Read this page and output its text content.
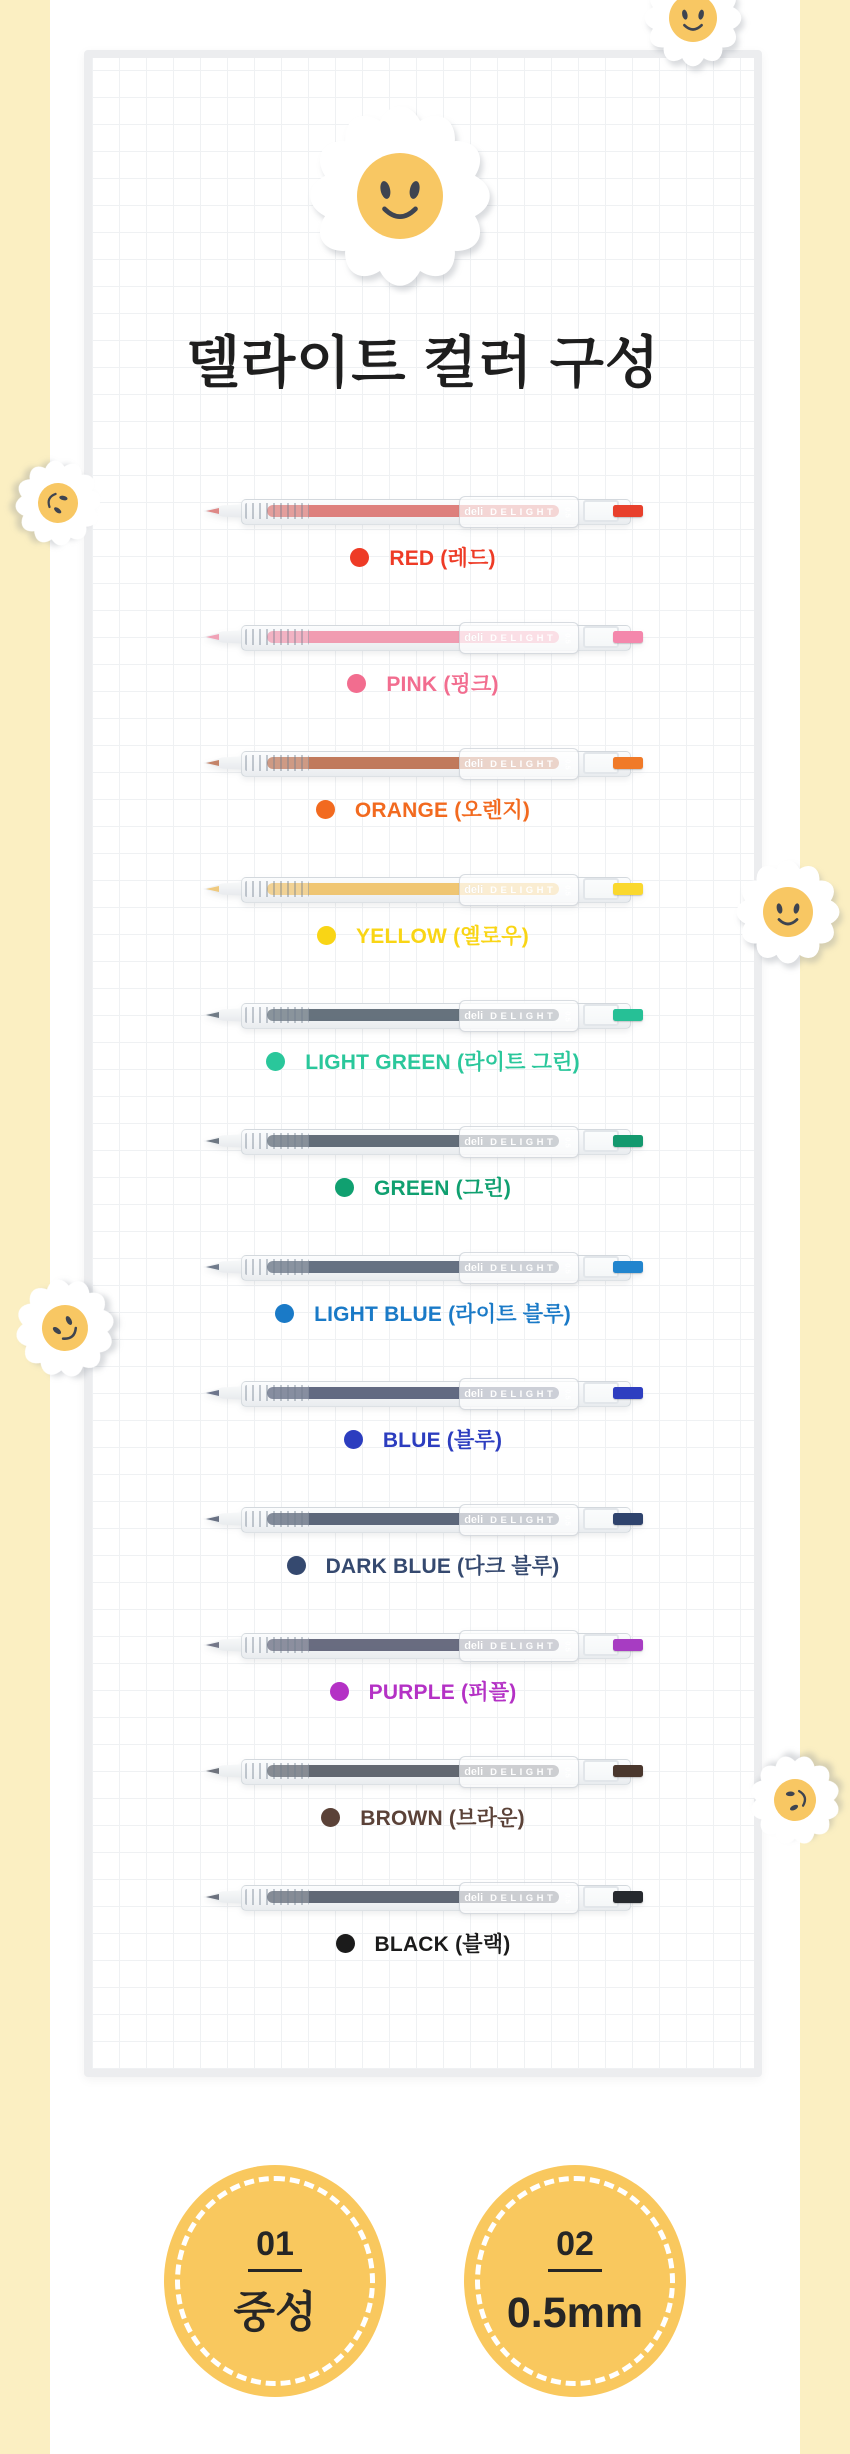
델라이트 컬러 구성
deli DELIGHT 0.5
RED (레드)
deli DELIGHT 0.5
PINK (핑크)
deli DELIGHT 0.5
ORANGE (오렌지)
deli DELIGHT 0.5
YELLOW (옐로우)
deli DELIGHT 0.5
LIGHT GREEN (라이트 그린)
deli DELIGHT 0.5
GREEN (그린)
deli DELIGHT 0.5
LIGHT BLUE (라이트 블루)
deli DELIGHT 0.5
BLUE (블루)
deli DELIGHT 0.5
DARK BLUE (다크 블루)
deli DELIGHT 0.5
PURPLE (퍼플)
deli DELIGHT 0.5
BROWN (브라운)
deli DELIGHT 0.5
BLACK (블랙)
01
중성
02
0.5mm
